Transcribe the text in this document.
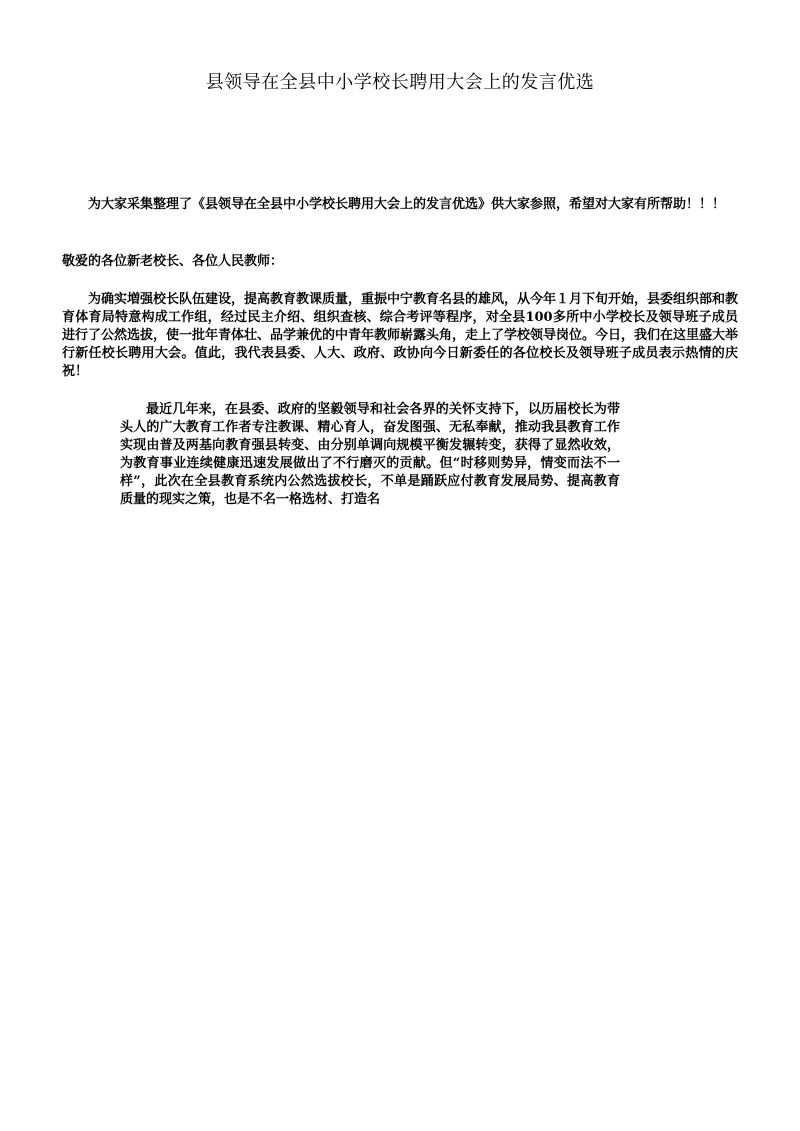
县领导在全县中小学校长聘用大会上的发言优选

为大家采集整理了《县领导在全县中小学校长聘用大会上的发言优选》供大家参照，希望对大家有所帮助！！！

敬爱的各位新老校长、各位人民教师：

为确实増强校长队伍建设，提高教育教课质量，重振中宁教育名县的雄风，从今年１月下旬开始，县委组织部和教育体育局特意构成工作组，经过民主介绍、组织查核、综合考评等程序，对全县100多所中小学校长及领导班子成员进行了公然选拔，使一批年青体壮、品学兼优的中青年教师崭露头角，走上了学校领导岗位。今日，我们在这里盛大举行新任校长聘用大会。值此，我代表县委、人大、政府、政协向今日新委任的各位校长及领导班子成员表示热情的庆祝！

最近几年来，在县委、政府的坚毅领导和社会各界的关怀支持下，以历届校长为带头人的广大教育工作者专注教课、精心育人，奋发图强、无私奉献，推动我县教育工作实现由普及两基向教育强县转变、由分别单调向规模平衡发辗转变，获得了显然收效，为教育事业连续健康迅速发展做出了不行磨灭的贡献。但“时移则势异，情变而法不一样”，此次在全县教育系统内公然选拔校长，不单是踊跃应付教育发展局势、提高教育质量的现实之策，也是不名一格选材、打造名
